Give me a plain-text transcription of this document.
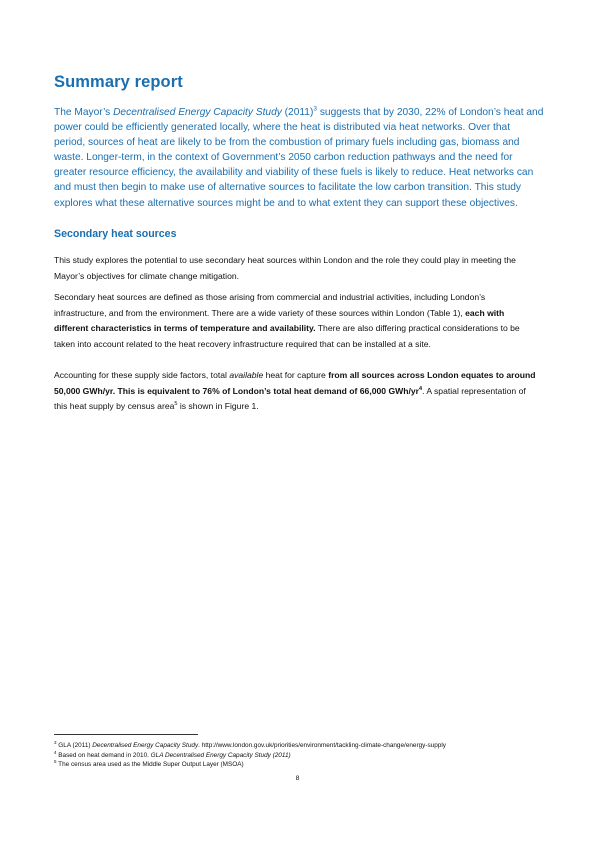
Summary report

The Mayor’s Decentralised Energy Capacity Study $(2011)^3$ suggests that by 2030, 22% of London’s heat and power could be efficiently generated locally, where the heat is distributed via heat networks. Over that period, sources of heat are likely to be from the combustion of primary fuels including gas, biomass and waste. Longer-term, in the context of Government’s 2050 carbon reduction pathways and the need for greater resource efficiency, the availability and viability of these fuels is likely to reduce. Heat networks can and must then begin to make use of alternative sources to facilitate the low carbon transition. This study explores what these alternative sources might be and to what extent they can support these objectives.

Secondary heat sources

This study explores the potential to use secondary heat sources within London and the role they could play in meeting the Mayor’s objectives for climate change mitigation.

Secondary heat sources are defined as those arising from commercial and industrial activities, including London’s infrastructure, and from the environment. There are a wide variety of these sources within London (Table 1), each with different characteristics in terms of temperature and availability. There are also differing practical considerations to be taken into account related to the heat recovery infrastructure required that can be installed at a site.

Accounting for these supply side factors, total available heat for capture from all sources across London equates to around 50,000 GWh/yr. This is equivalent to 76% of London’s total heat demand of 66,000 GWh/$yr^4$. A spatial representation of this heat supply by census area$^5$ is shown in Figure 1.

$^3$ GLA (2011) Decentralised Energy Capacity Study. http://www.london.gov.uk/priorities/environment/tackling-climate-change/energy-supply

$^4$ Based on heat demand in 2010. GLA Decentralised Energy Capacity Study (2011)

$^5$ The census area used as the Middle Super Output Layer (MSOA)

8
